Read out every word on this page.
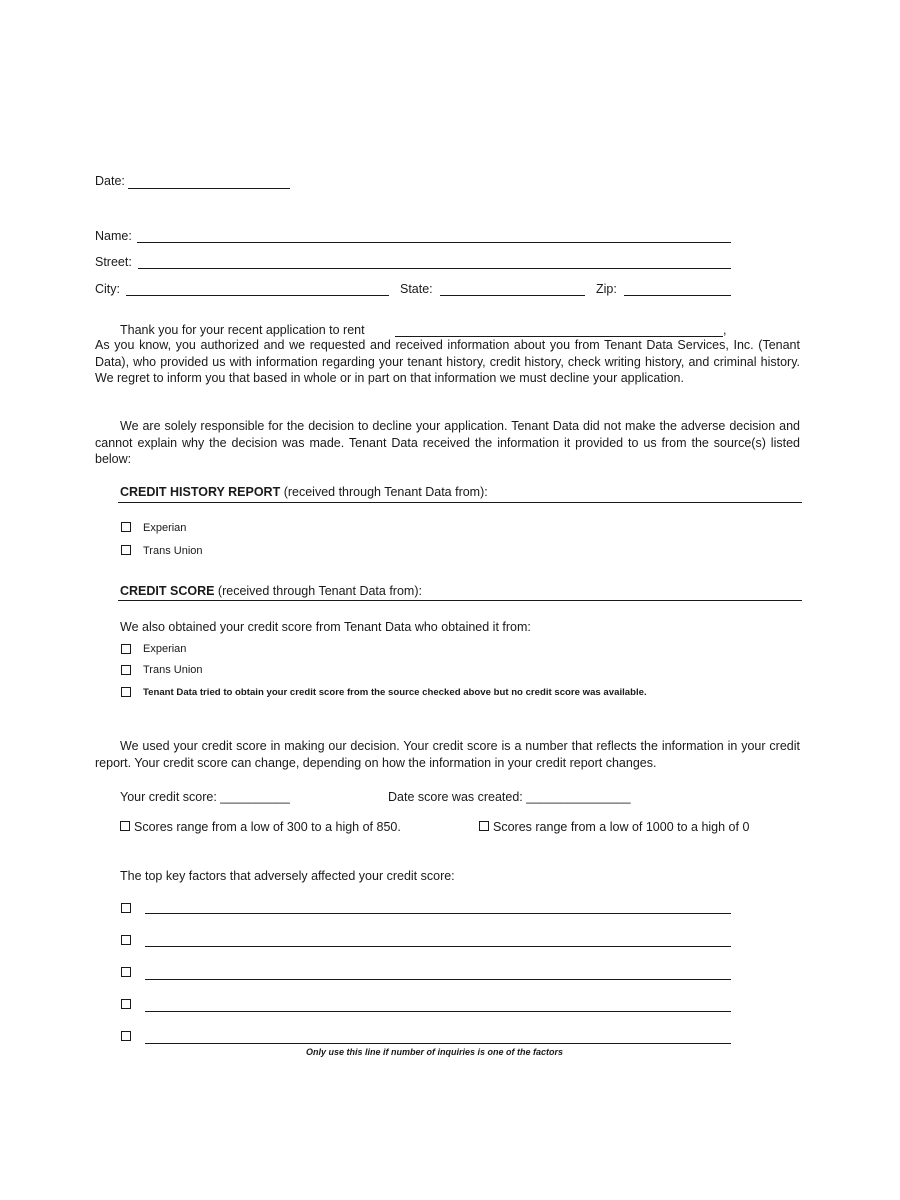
Date:
Name:
Street:
City:	State:	Zip:
Thank you for your recent application to rent	,
As you know, you authorized and we requested and received information about you from Tenant Data Services, Inc. (Tenant Data), who provided us with information regarding your tenant history, credit history, check writing history, and criminal history. We regret to inform you that based in whole or in part on that information we must decline your application.
We are solely responsible for the decision to decline your application. Tenant Data did not make the adverse decision and cannot explain why the decision was made. Tenant Data received the information it provided to us from the source(s) listed below:
CREDIT HISTORY REPORT (received through Tenant Data from):
Experian
Trans Union
CREDIT SCORE (received through Tenant Data from):
We also obtained your credit score from Tenant Data who obtained it from:
Experian
Trans Union
Tenant Data tried to obtain your credit score from the source checked above but no credit score was available.
We used your credit score in making our decision. Your credit score is a number that reflects the information in your credit report. Your credit score can change, depending on how the information in your credit report changes.
Your credit score: __________	Date score was created: _______________
Scores range from a low of 300 to a high of 850.	Scores range from a low of 1000 to a high of 0
The top key factors that adversely affected your credit score:
Only use this line if number of inquiries is one of the factors
